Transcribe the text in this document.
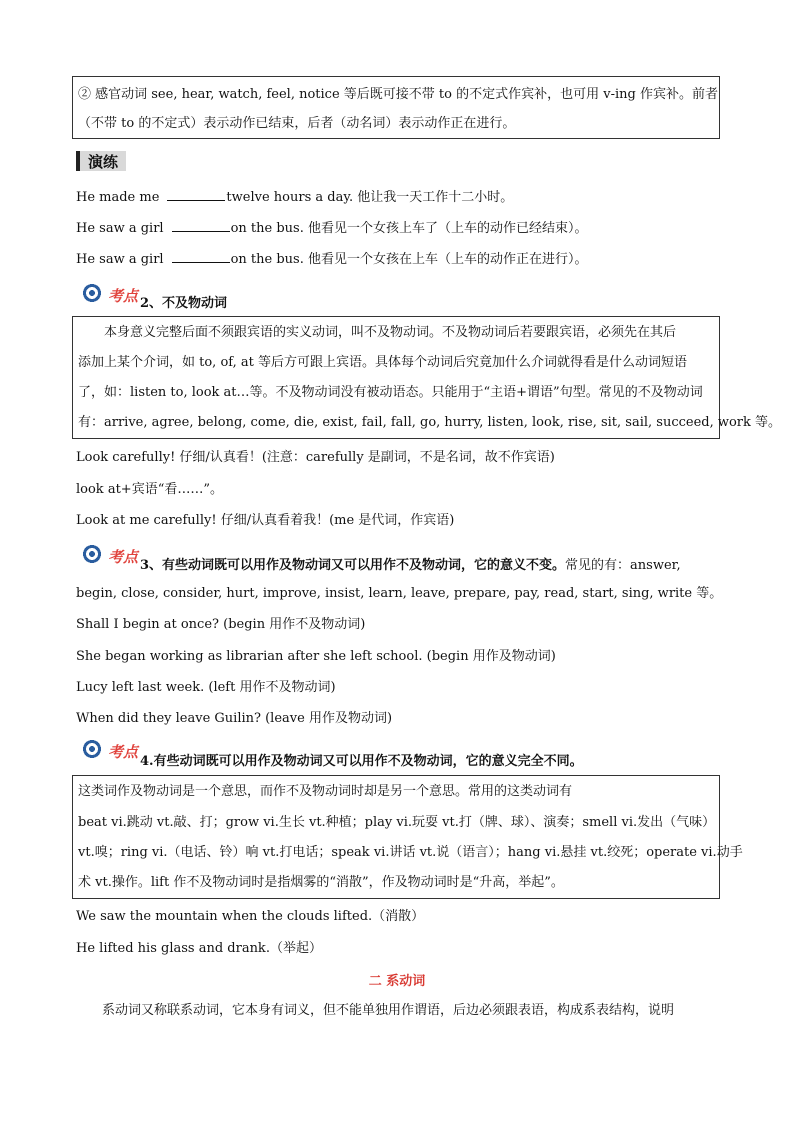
② 感官动词 see, hear, watch, feel, notice 等后既可接不带 to 的不定式作宾补，也可用 v-ing 作宾补。前者
（不带 to 的不定式）表示动作已结束，后者（动名词）表示动作正在进行。
演练
He made me	twelve hours a day. 他让我一天工作十二小时。
He saw a girl	on the bus. 他看见一个女孩上车了（上车的动作已经结束）。
He saw a girl	on the bus. 他看见一个女孩在上车（上车的动作正在进行）。
考点 2、不及物动词
　　本身意义完整后面不须跟宾语的实义动词，叫不及物动词。不及物动词后若要跟宾语，必须先在其后
添加上某个介词，如 to, of, at 等后方可跟上宾语。具体每个动词后究竟加什么介词就得看是什么动词短语
了，如：listen to, look at…等。不及物动词没有被动语态。只能用于“主语+谓语”句型。常见的不及物动词
有：arrive, agree, belong, come, die, exist, fail, fall, go, hurry, listen, look, rise, sit, sail, succeed, work 等。
Look carefully! 仔细/认真看！(注意：carefully 是副词，不是名词，故不作宾语)
look at+宾语“看……”。
Look at me carefully! 仔细/认真看着我！(me 是代词，作宾语)
考点 3、有些动词既可以用作及物动词又可以用作不及物动词，它的意义不变。常见的有：answer,
begin, close, consider, hurt, improve, insist, learn, leave, prepare, pay, read, start, sing, write 等。
Shall I begin at once? (begin 用作不及物动词)
She began working as librarian after she left school. (begin 用作及物动词)
Lucy left last week. (left 用作不及物动词)
When did they leave Guilin? (leave 用作及物动词)
考点
4.有些动词既可以用作及物动词又可以用作不及物动词，它的意义完全不同。
这类词作及物动词是一个意思，而作不及物动词时却是另一个意思。常用的这类动词有
beat vi.跳动 vt.敲、打；grow vi.生长 vt.种植；play vi.玩耍 vt.打（牌、球）、演奏；smell vi.发出（气味）
vt.嗅；ring vi.（电话、铃）响 vt.打电话；speak vi.讲话 vt.说（语言）；hang vi.悬挂 vt.绞死；operate vi.动手
术 vt.操作。lift 作不及物动词时是指烟雾的“消散”，作及物动词时是“升高，举起”。
We saw the mountain when the clouds lifted.（消散）
He lifted his glass and drank.（举起）
二 系动词
　　系动词又称联系动词，它本身有词义，但不能单独用作谓语，后边必须跟表语，构成系表结构，说明
